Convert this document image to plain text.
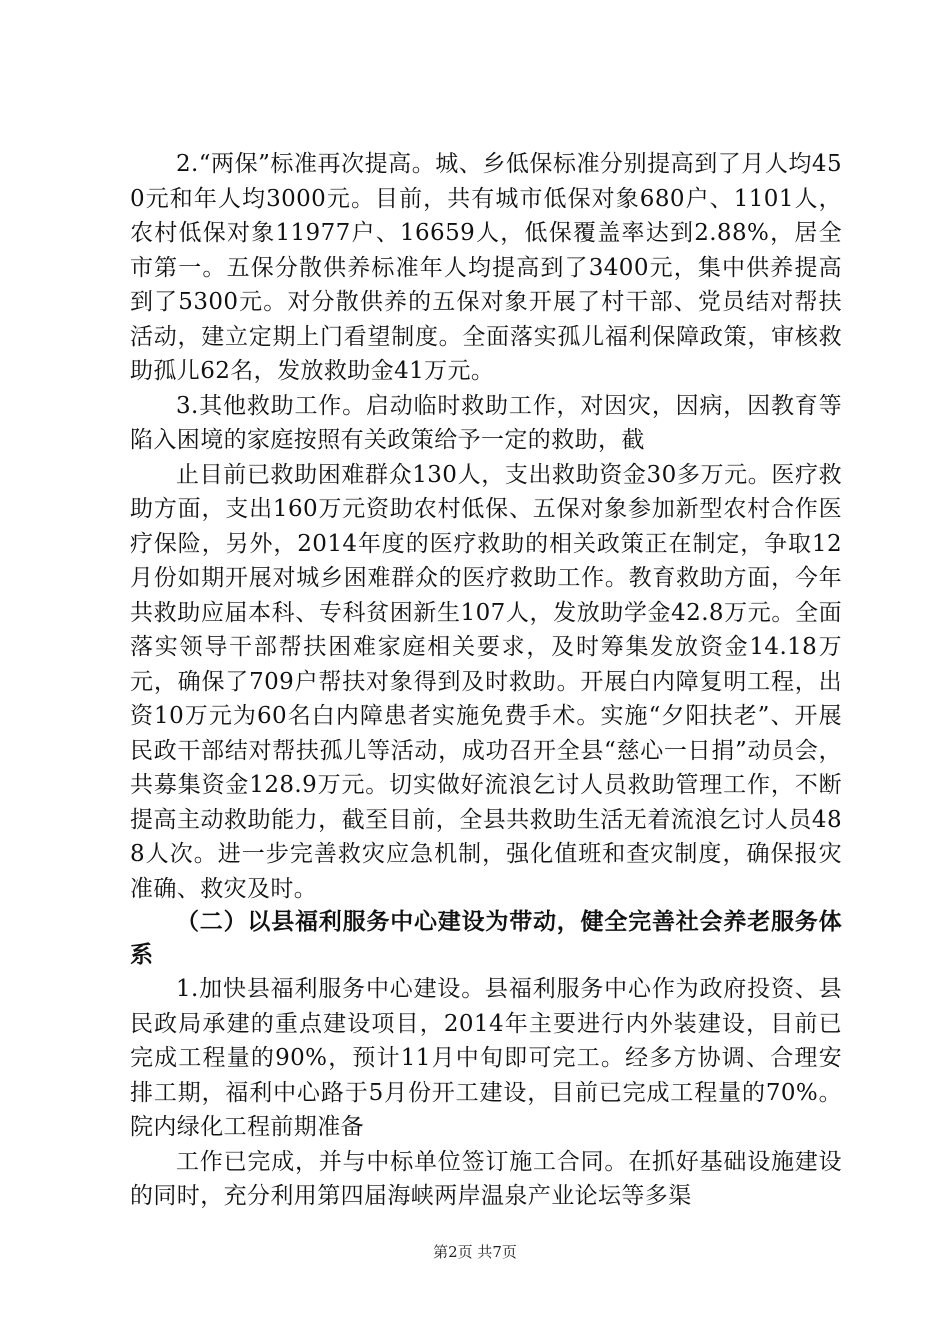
2.“两保”标准再次提高。城、乡低保标准分别提高到了月人均450元和年人均3000元。目前，共有城市低保对象680户、1101人，农村低保对象11977户、16659人，低保覆盖率达到2.88%，居全市第一。五保分散供养标准年人均提高到了3400元，集中供养提高到了5300元。对分散供养的五保对象开展了村干部、党员结对帮扶活动，建立定期上门看望制度。全面落实孤儿福利保障政策，审核救助孤儿62名，发放救助金41万元。

3.其他救助工作。启动临时救助工作，对因灾，因病，因教育等陷入困境的家庭按照有关政策给予一定的救助，截

止目前已救助困难群众130人，支出救助资金30多万元。医疗救助方面，支出160万元资助农村低保、五保对象参加新型农村合作医疗保险，另外，2014年度的医疗救助的相关政策正在制定，争取12月份如期开展对城乡困难群众的医疗救助工作。教育救助方面，今年共救助应届本科、专科贫困新生107人，发放助学金42.8万元。全面落实领导干部帮扶困难家庭相关要求，及时筹集发放资金14.18万元，确保了709户帮扶对象得到及时救助。开展白内障复明工程，出资10万元为60名白内障患者实施免费手术。实施“夕阳扶老”、开展民政干部结对帮扶孤儿等活动，成功召开全县“慈心一日捐”动员会，共募集资金128.9万元。切实做好流浪乞讨人员救助管理工作，不断提高主动救助能力，截至目前，全县共救助生活无着流浪乞讨人员488人次。进一步完善救灾应急机制，强化值班和查灾制度，确保报灾准确、救灾及时。

（二）以县福利服务中心建设为带动，健全完善社会养老服务体系

1.加快县福利服务中心建设。县福利服务中心作为政府投资、县民政局承建的重点建设项目，2014年主要进行内外装建设，目前已完成工程量的90%，预计11月中旬即可完工。经多方协调、合理安排工期，福利中心路于5月份开工建设，目前已完成工程量的70%。院内绿化工程前期准备

工作已完成，并与中标单位签订施工合同。在抓好基础设施建设的同时，充分利用第四届海峡两岸温泉产业论坛等多渠

第2页 共7页
